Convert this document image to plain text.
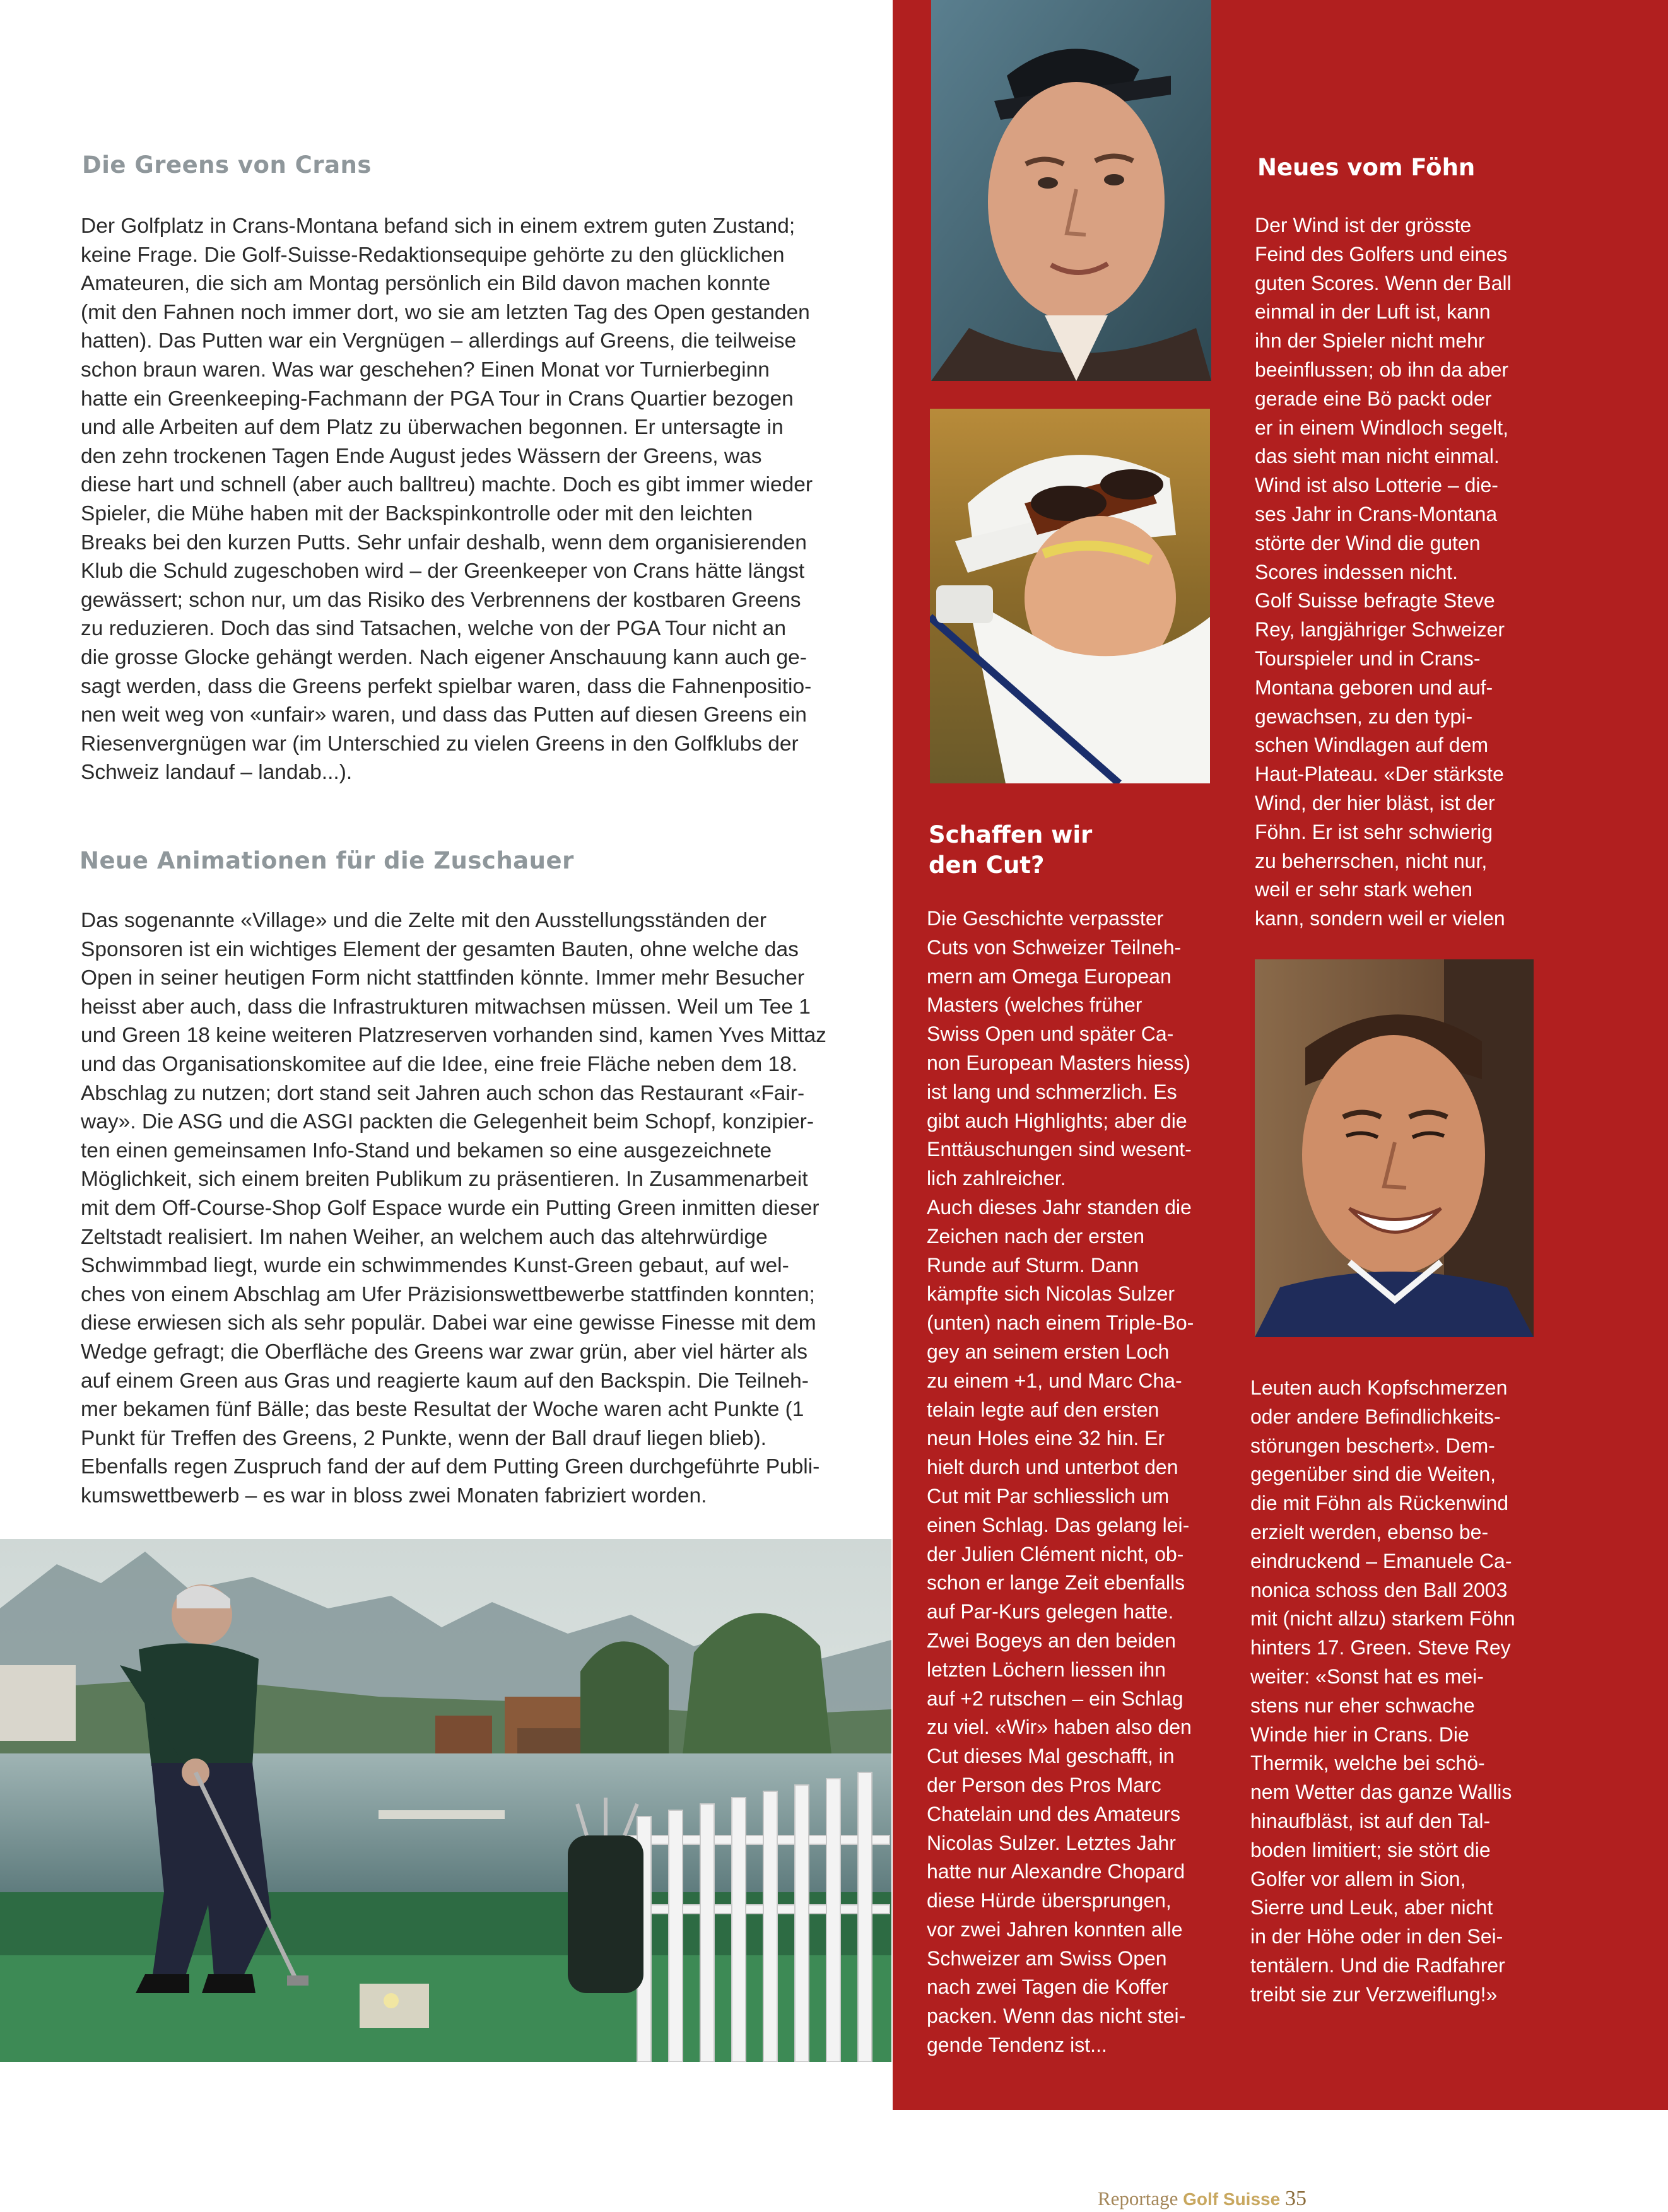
Die Greens von Crans
Der Golfplatz in Crans-Montana befand sich in einem extrem guten Zustand;
keine Frage. Die Golf-Suisse-Redaktionsequipe gehörte zu den glücklichen
Amateuren, die sich am Montag persönlich ein Bild davon machen konnte
(mit den Fahnen noch immer dort, wo sie am letzten Tag des Open gestanden
hatten). Das Putten war ein Vergnügen – allerdings auf Greens, die teilweise
schon braun waren. Was war geschehen? Einen Monat vor Turnierbeginn
hatte ein Greenkeeping-Fachmann der PGA Tour in Crans Quartier bezogen
und alle Arbeiten auf dem Platz zu überwachen begonnen. Er untersagte in
den zehn trockenen Tagen Ende August jedes Wässern der Greens, was
diese hart und schnell (aber auch balltreu) machte. Doch es gibt immer wieder
Spieler, die Mühe haben mit der Backspinkontrolle oder mit den leichten
Breaks bei den kurzen Putts. Sehr unfair deshalb, wenn dem organisierenden
Klub die Schuld zugeschoben wird – der Greenkeeper von Crans hätte längst
gewässert; schon nur, um das Risiko des Verbrennens der kostbaren Greens
zu reduzieren. Doch das sind Tatsachen, welche von der PGA Tour nicht an
die grosse Glocke gehängt werden. Nach eigener Anschauung kann auch ge-
sagt werden, dass die Greens perfekt spielbar waren, dass die Fahnenpositio-
nen weit weg von «unfair» waren, und dass das Putten auf diesen Greens ein
Riesenvergnügen war (im Unterschied zu vielen Greens in den Golfklubs der
Schweiz landauf – landab...).
Neue Animationen für die Zuschauer
Das sogenannte «Village» und die Zelte mit den Ausstellungsständen der
Sponsoren ist ein wichtiges Element der gesamten Bauten, ohne welche das
Open in seiner heutigen Form nicht stattfinden könnte. Immer mehr Besucher
heisst aber auch, dass die Infrastrukturen mitwachsen müssen. Weil um Tee 1
und Green 18 keine weiteren Platzreserven vorhanden sind, kamen Yves Mittaz
und das Organisationskomitee auf die Idee, eine freie Fläche neben dem 18.
Abschlag zu nutzen; dort stand seit Jahren auch schon das Restaurant «Fair-
way». Die ASG und die ASGI packten die Gelegenheit beim Schopf, konzipier-
ten einen gemeinsamen Info-Stand und bekamen so eine ausgezeichnete
Möglichkeit, sich einem breiten Publikum zu präsentieren. In Zusammenarbeit
mit dem Off-Course-Shop Golf Espace wurde ein Putting Green inmitten dieser
Zeltstadt realisiert. Im nahen Weiher, an welchem auch das altehrwürdige
Schwimmbad liegt, wurde ein schwimmendes Kunst-Green gebaut, auf wel-
ches von einem Abschlag am Ufer Präzisionswettbewerbe stattfinden konnten;
diese erwiesen sich als sehr populär. Dabei war eine gewisse Finesse mit dem
Wedge gefragt; die Oberfläche des Greens war zwar grün, aber viel härter als
auf einem Green aus Gras und reagierte kaum auf den Backspin. Die Teilneh-
mer bekamen fünf Bälle; das beste Resultat der Woche waren acht Punkte (1
Punkt für Treffen des Greens, 2 Punkte, wenn der Ball drauf liegen blieb).
Ebenfalls regen Zuspruch fand der auf dem Putting Green durchgeführte Publi-
kumswettbewerb – es war in bloss zwei Monaten fabriziert worden.
Schaffen wir
den Cut?
Die Geschichte verpasster
Cuts von Schweizer Teilneh-
mern am Omega European
Masters (welches früher
Swiss Open und später Ca-
non European Masters hiess)
ist lang und schmerzlich. Es
gibt auch Highlights; aber die
Enttäuschungen sind wesent-
lich zahlreicher.
Auch dieses Jahr standen die
Zeichen nach der ersten
Runde auf Sturm. Dann
kämpfte sich Nicolas Sulzer
(unten) nach einem Triple-Bo-
gey an seinem ersten Loch
zu einem +1, und Marc Cha-
telain legte auf den ersten
neun Holes eine 32 hin. Er
hielt durch und unterbot den
Cut mit Par schliesslich um
einen Schlag. Das gelang lei-
der Julien Clément nicht, ob-
schon er lange Zeit ebenfalls
auf Par-Kurs gelegen hatte.
Zwei Bogeys an den beiden
letzten Löchern liessen ihn
auf +2 rutschen – ein Schlag
zu viel. «Wir» haben also den
Cut dieses Mal geschafft, in
der Person des Pros Marc
Chatelain und des Amateurs
Nicolas Sulzer. Letztes Jahr
hatte nur Alexandre Chopard
diese Hürde übersprungen,
vor zwei Jahren konnten alle
Schweizer am Swiss Open
nach zwei Tagen die Koffer
packen. Wenn das nicht stei-
gende Tendenz ist...
Neues vom Föhn
Der Wind ist der grösste
Feind des Golfers und eines
guten Scores. Wenn der Ball
einmal in der Luft ist, kann
ihn der Spieler nicht mehr
beeinflussen; ob ihn da aber
gerade eine Bö packt oder
er in einem Windloch segelt,
das sieht man nicht einmal.
Wind ist also Lotterie – die-
ses Jahr in Crans-Montana
störte der Wind die guten
Scores indessen nicht.
Golf Suisse befragte Steve
Rey, langjähriger Schweizer
Tourspieler und in Crans-
Montana geboren und auf-
gewachsen, zu den typi-
schen Windlagen auf dem
Haut-Plateau. «Der stärkste
Wind, der hier bläst, ist der
Föhn. Er ist sehr schwierig
zu beherrschen, nicht nur,
weil er sehr stark wehen
kann, sondern weil er vielen
Leuten auch Kopfschmerzen
oder andere Befindlichkeits-
störungen beschert». Dem-
gegenüber sind die Weiten,
die mit Föhn als Rückenwind
erzielt werden, ebenso be-
eindruckend – Emanuele Ca-
nonica schoss den Ball 2003
mit (nicht allzu) starkem Föhn
hinters 17. Green. Steve Rey
weiter: «Sonst hat es mei-
stens nur eher schwache
Winde hier in Crans. Die
Thermik, welche bei schö-
nem Wetter das ganze Wallis
hinaufbläst, ist auf den Tal-
boden limitiert; sie stört die
Golfer vor allem in Sion,
Sierre und Leuk, aber nicht
in der Höhe oder in den Sei-
tentälern. Und die Radfahrer
treibt sie zur Verzweiflung!»
Reportage Golf Suisse 35
